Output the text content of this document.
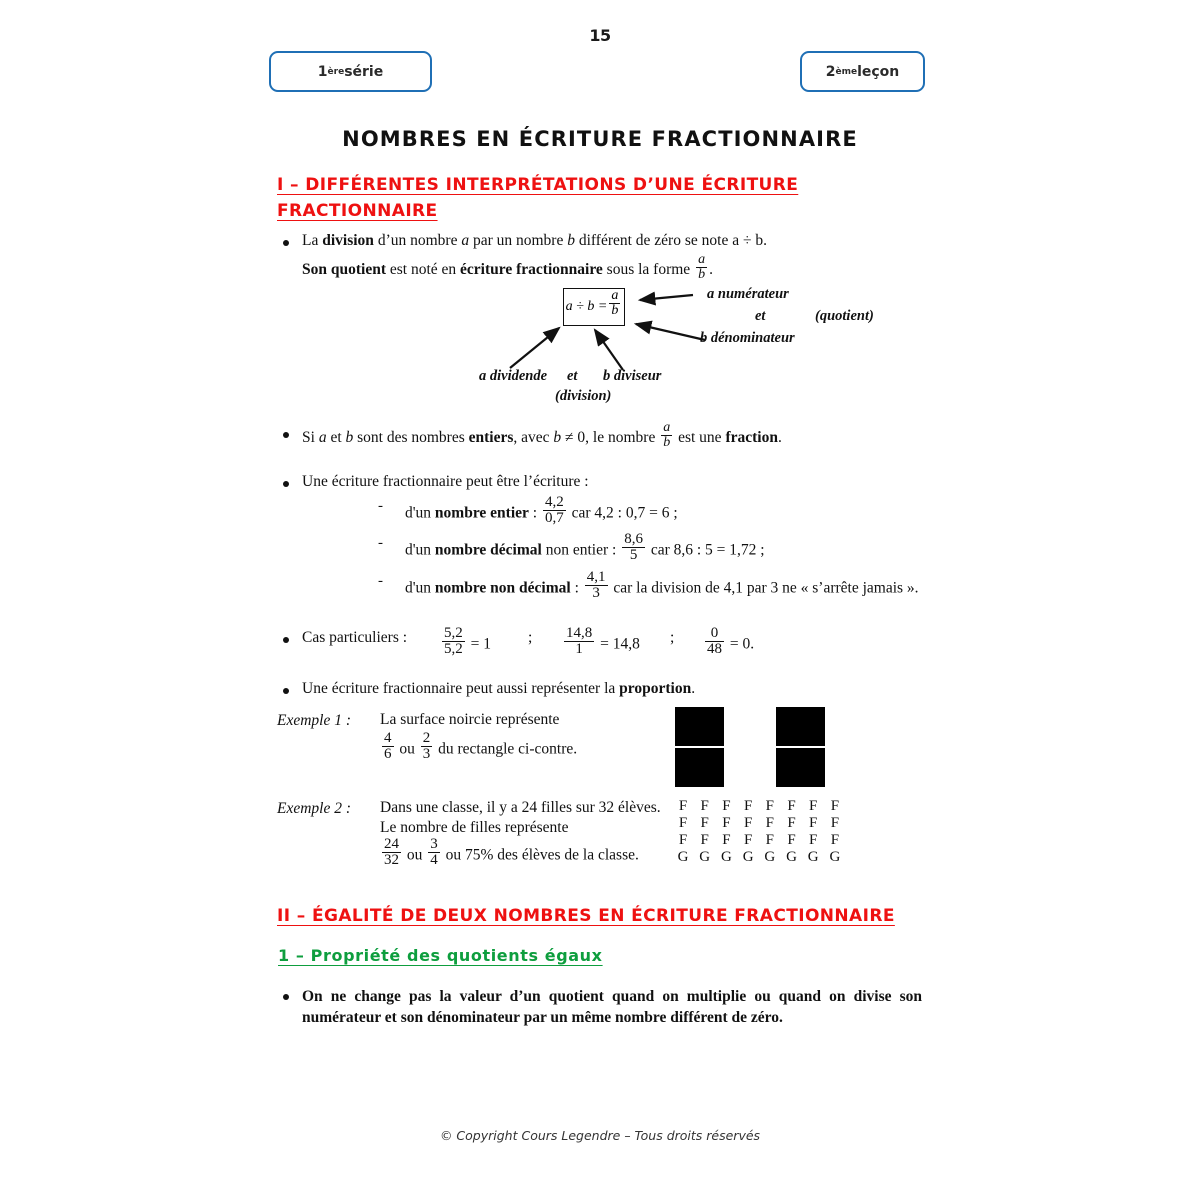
15
1 ère série	2 ème leçon
NOMBRES EN ÉCRITURE FRACTIONNAIRE
I – DIFFÉRENTES INTERPRÉTATIONS D’UNE ÉCRITURE FRACTIONNAIRE
La division d’un nombre a par un nombre b différent de zéro se note a ÷ b.
Son quotient est noté en écriture fractionnaire sous la forme $\frac{a}{b}$ .
$a \div b = \frac{a}{b}$	a numérateur
et	(quotient)
b dénominateur
a dividende et b diviseur
(division)
Si a et b sont des nombres entiers, avec b ≠ 0, le nombre $\frac{a}{b}$ est une fraction.
Une écriture fractionnaire peut être l’écriture :
- d'un nombre entier : $\frac{4,2}{0,7}$ car 4,2 : 0,7 = 6 ;
- d'un nombre décimal non entier : $\frac{8,6}{5}$ car 8,6 : 5 = 1,72 ;
- d'un nombre non décimal : $\frac{4,1}{3}$ car la division de 4,1 par 3 ne « s’arrête jamais ».
Cas particuliers : $\frac{5,2}{5,2} = 1$ ; $\frac{14,8}{1} = 14,8$ ; $\frac{0}{48} = 0$.
Une écriture fractionnaire peut aussi représenter la proportion.
Exemple 1 : La surface noircie représente
$\frac{4}{6}$ ou $\frac{2}{3}$ du rectangle ci-contre.
Exemple 2 : Dans une classe, il y a 24 filles sur 32 élèves.
Le nombre de filles représente
$\frac{24}{32}$ ou $\frac{3}{4}$ ou 75% des élèves de la classe.
F F F F F F F F
F F F F F F F F
F F F F F F F F
G G G G G G G G
II – ÉGALITÉ DE DEUX NOMBRES EN ÉCRITURE FRACTIONNAIRE
1 – Propriété des quotients égaux
On ne change pas la valeur d’un quotient quand on multiplie ou quand on divise son numérateur et son dénominateur par un même nombre différent de zéro.
© Copyright Cours Legendre – Tous droits réservés
